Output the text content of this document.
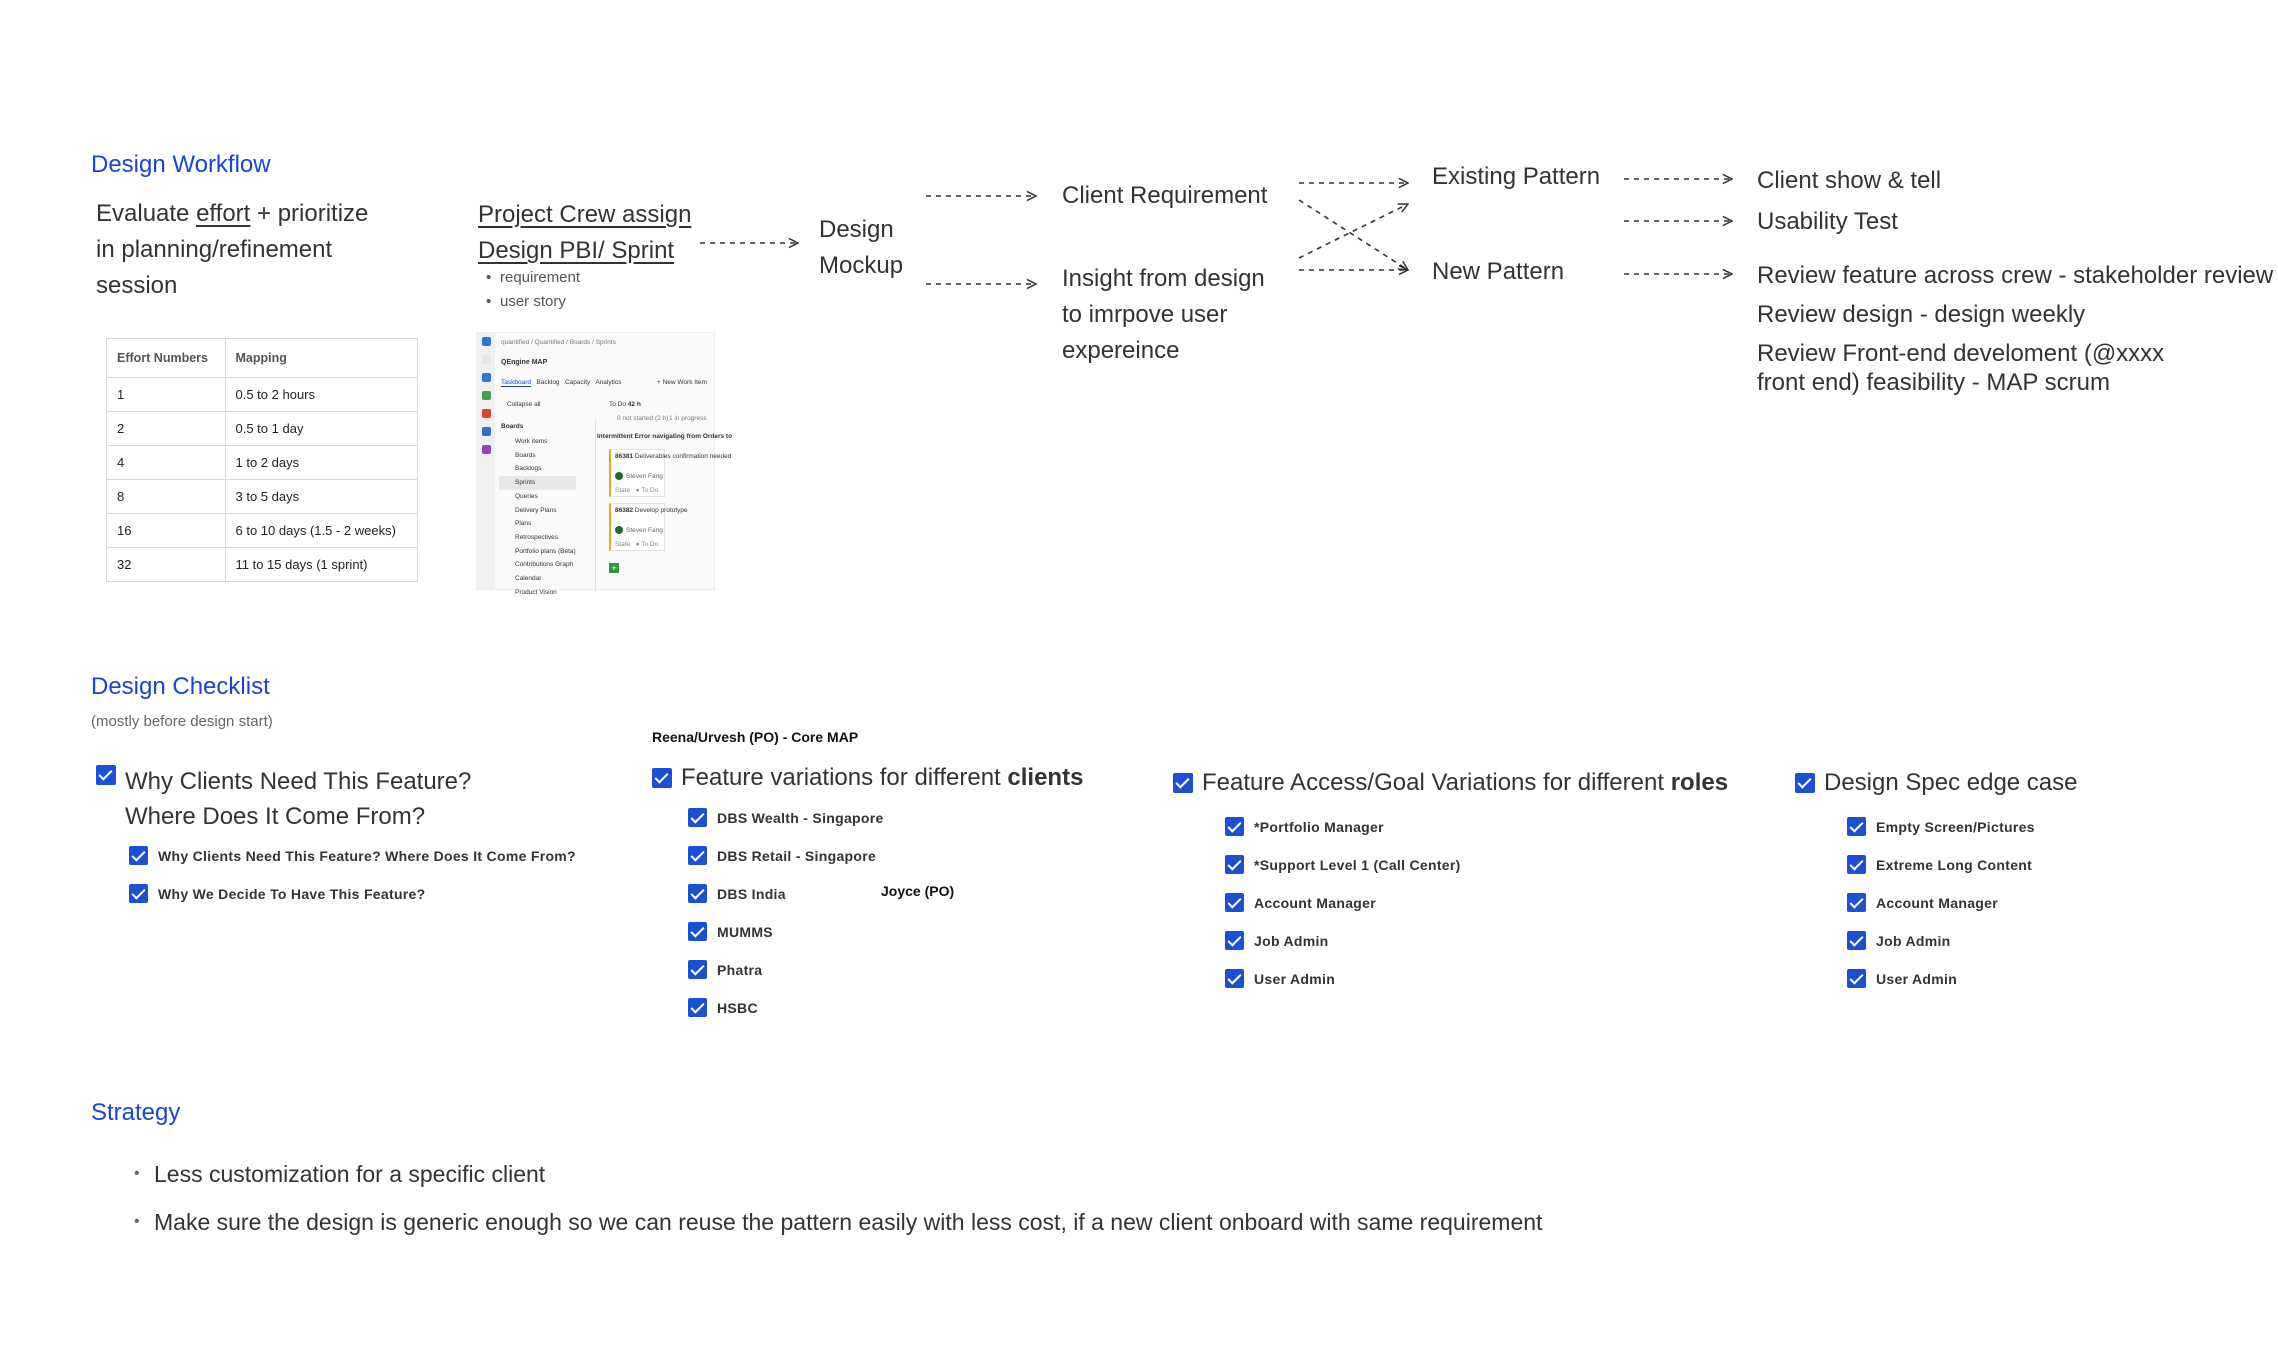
Design Workflow
Evaluate effort + prioritize
in planning/refinement
session
Effort Numbers	Mapping
1	0.5 to 2 hours
2	0.5 to 1 day
4	1 to 2 days
8	3 to 5 days
16	6 to 10 days (1.5 - 2 weeks)
32	11 to 15 days (1 sprint)
Project Crew assign
Design PBI/ Sprint
• requirement
• user story
quantified / Quantified / Boards / Sprints
QEngine MAP
Taskboard Backlog Capacity Analytics	+ New Work Item
Collapse all	To Do 42 h
0 not started (2 h) 1 in progress
Boards
Work items
Boards
Backlogs
Sprints
Queries
Delivery Plans
Plans
Retrospectives
Portfolio plans (Beta)
Contributions Graph
Calendar
Product Vision
Intermittent Error navigating from Orders to
86381 Deliverables confirmation needed
Steven Fang
State   ● To Do
86382 Develop prototype
Steven Fang
State   ● To Do
+
Design
Mockup
Client Requirement
Insight from design
to imrpove user
expereince
Existing Pattern
New Pattern
Client show & tell
Usability Test
Review feature across crew - stakeholder review
Review design - design weekly
Review Front-end develoment (@xxxx
front end) feasibility - MAP scrum
Design Checklist
(mostly before design start)
Why Clients Need This Feature?
Where Does It Come From?
Why Clients Need This Feature? Where Does It Come From?
Why We Decide To Have This Feature?
Reena/Urvesh (PO) - Core MAP
Feature variations for different clients
DBS Wealth - Singapore
DBS Retail - Singapore
DBS India	Joyce (PO)
MUMMS
Phatra
HSBC
Feature Access/Goal Variations for different roles
*Portfolio Manager
*Support Level 1 (Call Center)
Account Manager
Job Admin
User Admin
Design Spec edge case
Empty Screen/Pictures
Extreme Long Content
Account Manager
Job Admin
User Admin
Strategy
• Less customization for a specific client
• Make sure the design is generic enough so we can reuse the pattern easily with less cost, if a new client onboard with same requirement
